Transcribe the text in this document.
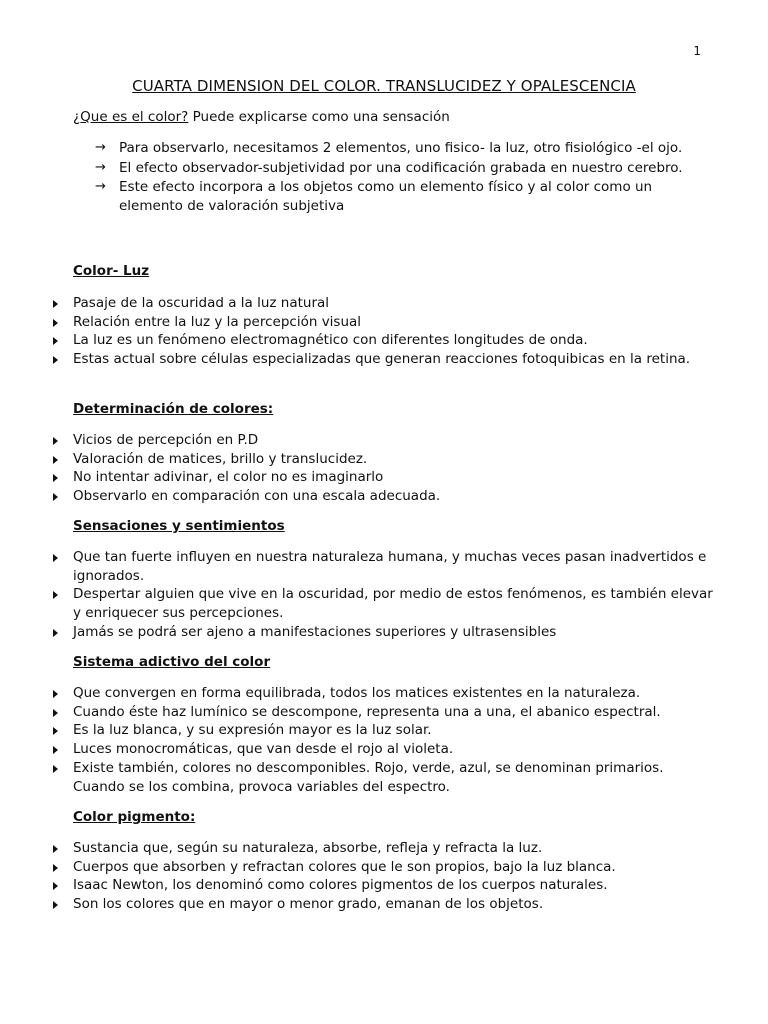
1
CUARTA DIMENSION DEL COLOR. TRANSLUCIDEZ Y OPALESCENCIA
¿Que es el color? Puede explicarse como una sensación
→ Para observarlo, necesitamos 2 elementos, uno fisico- la luz, otro fisiológico -el ojo.
→ El efecto observador-subjetividad por una codificación grabada en nuestro cerebro.
→ Este efecto incorpora a los objetos como un elemento físico y al color como un elemento de valoración subjetiva
Color- Luz
Pasaje de la oscuridad a la luz natural
Relación entre la luz y la percepción visual
La luz es un fenómeno electromagnético con diferentes longitudes de onda.
Estas actual sobre células especializadas que generan reacciones fotoquibicas en la retina.
Determinación de colores:
Vicios de percepción en P.D
Valoración de matices, brillo y translucidez.
No intentar adivinar, el color no es imaginarlo
Observarlo en comparación con una escala adecuada.
Sensaciones y sentimientos
Que tan fuerte influyen en nuestra naturaleza humana, y muchas veces pasan inadvertidos e ignorados.
Despertar alguien que vive en la oscuridad, por medio de estos fenómenos, es también elevar y enriquecer sus percepciones.
Jamás se podrá ser ajeno a manifestaciones superiores y ultrasensibles
Sistema adictivo del color
Que convergen en forma equilibrada, todos los matices existentes en la naturaleza.
Cuando éste haz lumínico se descompone, representa una a una, el abanico espectral.
Es la luz blanca, y su expresión mayor es la luz solar.
Luces monocromáticas, que van desde el rojo al violeta.
Existe también, colores no descomponibles. Rojo, verde, azul, se denominan primarios. Cuando se los combina, provoca variables del espectro.
Color pigmento:
Sustancia que, según su naturaleza, absorbe, refleja y refracta la luz.
Cuerpos que absorben y refractan colores que le son propios, bajo la luz blanca.
Isaac Newton, los denominó como colores pigmentos de los cuerpos naturales.
Son los colores que en mayor o menor grado, emanan de los objetos.
